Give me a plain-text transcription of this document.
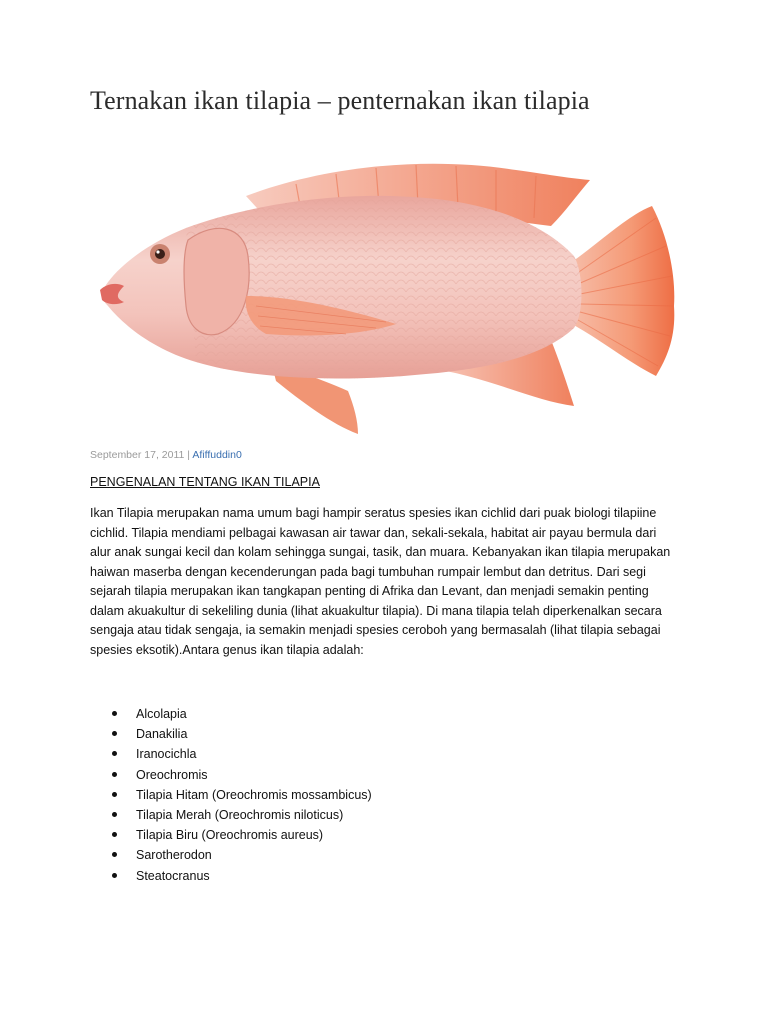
Ternakan ikan tilapia – penternakan ikan tilapia
September 17, 2011 | Afiffuddin0
PENGENALAN TENTANG IKAN TILAPIA

Ikan Tilapia merupakan nama umum bagi hampir seratus spesies ikan cichlid dari puak biologi tilapiine cichlid. Tilapia mendiami pelbagai kawasan air tawar dan, sekali-sekala, habitat air payau bermula dari alur anak sungai kecil dan kolam sehingga sungai, tasik, dan muara. Kebanyakan ikan tilapia merupakan haiwan maserba dengan kecenderungan pada bagi tumbuhan rumpair lembut dan detritus. Dari segi sejarah tilapia merupakan ikan tangkapan penting di Afrika dan Levant, dan menjadi semakin penting dalam akuakultur di sekeliling dunia (lihat akuakultur tilapia). Di mana tilapia telah diperkenalkan secara sengaja atau tidak sengaja, ia semakin menjadi spesies ceroboh yang bermasalah (lihat tilapia sebagai spesies eksotik).Antara genus ikan tilapia adalah:

Alcolapia
Danakilia
Iranocichla
Oreochromis
Tilapia Hitam (Oreochromis mossambicus)
Tilapia Merah (Oreochromis niloticus)
Tilapia Biru (Oreochromis aureus)
Sarotherodon
Steatocranus
